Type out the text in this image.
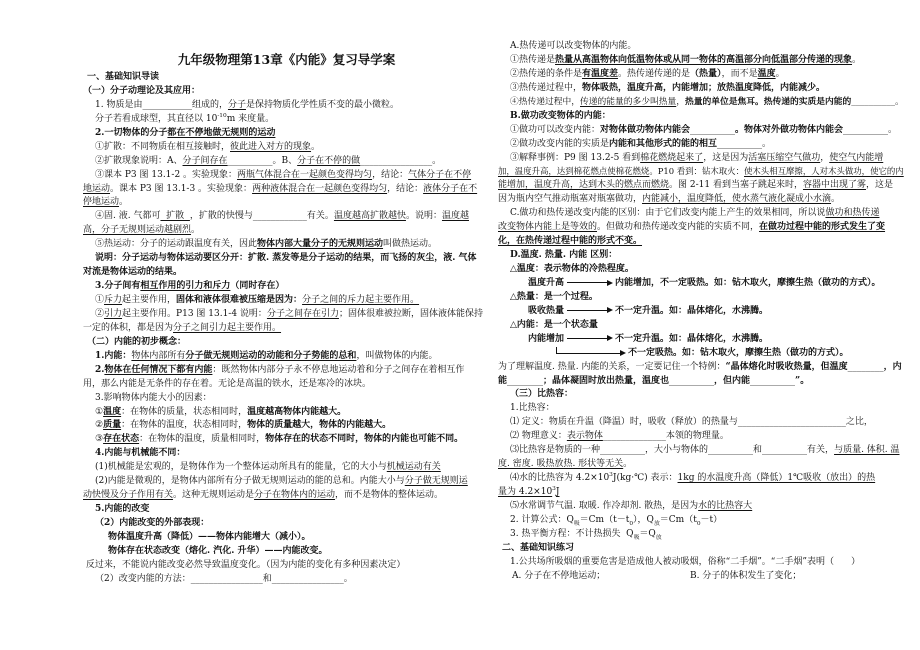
九年级物理第13章《内能》复习导学案
一、基础知识导读
（一）分子动理论及其应用：
1. 物质是由___________组成的，分子是保持物质化学性质不变的最小微粒。
分子若看成球型，其直径以 $10^{-10}m$ 来度量。
2.一切物体的分子都在不停地做无规则的运动
①扩散：不同物质在相互接触时，彼此进入对方的现象。
②扩散现象说明：A、分子间存在__________。B、分子在不停的做________________。
③课本 P3 图 13.1-2 。实验现象：两瓶气体混合在一起颜色变得均匀，结论：气体分子在不停
地运动。课本 P3 图 13.1-3 。实验现象：两种液体混合在一起颜色变得均匀，结论：液体分子在不
停地运动。
④固. 液. 气都可  扩散  ，扩散的快慢与____________有关。温度越高扩散越快。说明：温度越
高，分子无规则运动越剧烈。
⑤热运动：分子的运动跟温度有关，因此物体内部大量分子的无规则运动叫做热运动。
说明：分子运动与物体运动要区分开：扩散. 蒸发等是分子运动的结果，而飞扬的灰尘，液. 气体
对流是物体运动的结果。
3.分子间有相互作用的引力和斥力（同时存在）
①斥力起主要作用，固体和液体很难被压缩是因为：分子之间的斥力起主要作用。
②引力起主要作用。P13 图 13.1-4 说明：分子之间存在引力；固体很难被拉断，固体液体能保持
一定的体积，都是因为分子之间引力起主要作用。
（二）内能的初步概念：
1.内能：物体内部所有分子做无规则运动的动能和分子势能的总和，叫做物体的内能。
2.物体在任何情况下都有内能：既然物体内部分子永不停息地运动着和分子之间存在着相互作
用，那么内能是无条件的存在着。无论是高温的铁水，还是寒冷的冰块。
3.影响物体内能大小的因素：
①温度：在物体的质量，状态相同时，温度越高物体内能越大。
②质量：在物体的温度，状态相同时，物体的质量越大，物体的内能越大。
③存在状态：在物体的温度，质量相同时，物体存在的状态不同时，物体的内能也可能不同。
4.内能与机械能不同：
(1)机械能是宏观的，是物体作为一个整体运动所具有的能量，它的大小与机械运动有关
(2)内能是微观的，是物体内部所有分子做无规则运动的能的总和。内能大小与分子做无规则运
动快慢及分子作用有关。这种无规则运动是分子在物体内的运动，而不是物体的整体运动。
5.内能的改变
（2）内能改变的外部表现：
物体温度升高（降低）——物体内能增大（减小）。
物体存在状态改变（熔化. 汽化. 升华）——内能改变。
反过来，不能说内能改变必然导致温度变化。（因为内能的变化有多种因素决定）
（2）改变内能的方法：________________和________________。
A.热传递可以改变物体的内能。
①热传递是热量从高温物体向低温物体或从同一物体的高温部分向低温部分传递的现象。
②热传递的条件是有温度差。热传递传递的是（热量），而不是温度。
③热传递过程中，物体吸热，温度升高，内能增加；放热温度降低，内能减少。
④热传递过程中，传递的能量的多少叫热量，热量的单位是焦耳。热传递的实质是内能的__________。
B.做功改变物体的内能：
①做功可以改变内能：对物体做功物体内能会__________。物体对外做功物体内能会__________。
②做功改变内能的实质是内能和其他形式的能的相互__________。
③解释事例：P9 图 13.2-5 看到棉花燃烧起来了，这是因为活塞压缩空气做功，使空气内能增
加，温度升高，达到棉花燃点使棉花燃烧。P10 看到：钻木取火：使木头相互摩擦，人对木头做功，使它的内
能增加，温度升高，达到木头的燃点而燃烧。图 2-11 看到当塞子跳起来时，容器中出现了雾，这是
因为瓶内空气推动瓶塞对瓶塞做功，内能减小，温度降低，使水蒸气液化凝成小水滴。
C.做功和热传递改变内能的区别：由于它们改变内能上产生的效果相同，所以说做功和热传递
改变物体内能上是等效的。但做功和热传递改变内能的实质不同，在做功过程中能的形式发生了变
化，在热传递过程中能的形式不变。
D.温度. 热量. 内能 区别：
△温度：表示物体的冷热程度。
温度升高	内能增加，不一定吸热。如：钻木取火，摩擦生热（做功的方式）。
△热量：是一个过程。
吸收热量	不一定升温。如：晶体熔化，水沸腾。
△内能：是一个状态量
内能增加	不一定升温。如：晶体熔化，水沸腾。
不一定吸热。如：钻木取火，摩擦生热（做功的方式）。
为了理解温度. 热量. 内能的关系，一定要记住一个特例：“晶体熔化时吸收热量，但温度________，内
能________；晶体凝固时放出热量，温度也__________，但内能__________”。
（三）比热容：
1.比热容：
⑴ 定义：物质在升温（降温）时，吸收（释放）的热量与________________________之比，
⑵ 物理意义：表示物体______________本领的物理量。
⑶比热容是物质的一种__________，大小与物体的__________和__________有关，与质量. 体积. 温
度. 密度. 吸热放热. 形状等无关。
⑷水的比热容为 $4.2\times 10^3J(kg\cdot℃)$ 表示：1kg 的水温度升高（降低）1℃吸收（放出）的热
量为 $4.2\times 10^3J$
⑸水常调节气温. 取暖. 作冷却剂. 散热，是因为水的比热容大
2. 计算公式：$Q_吸=Cm(t-t_0)$，$Q_放=Cm(t_0-t)$
3. 热平衡方程：不计热损失  $Q_吸=Q_放$
二、基础知识练习
1.公共场所吸烟的重要危害是造成他人被动吸烟，俗称“二手烟”。“二手烟”表明（      ）
A. 分子在不停地运动；	B. 分子的体积发生了变化；
